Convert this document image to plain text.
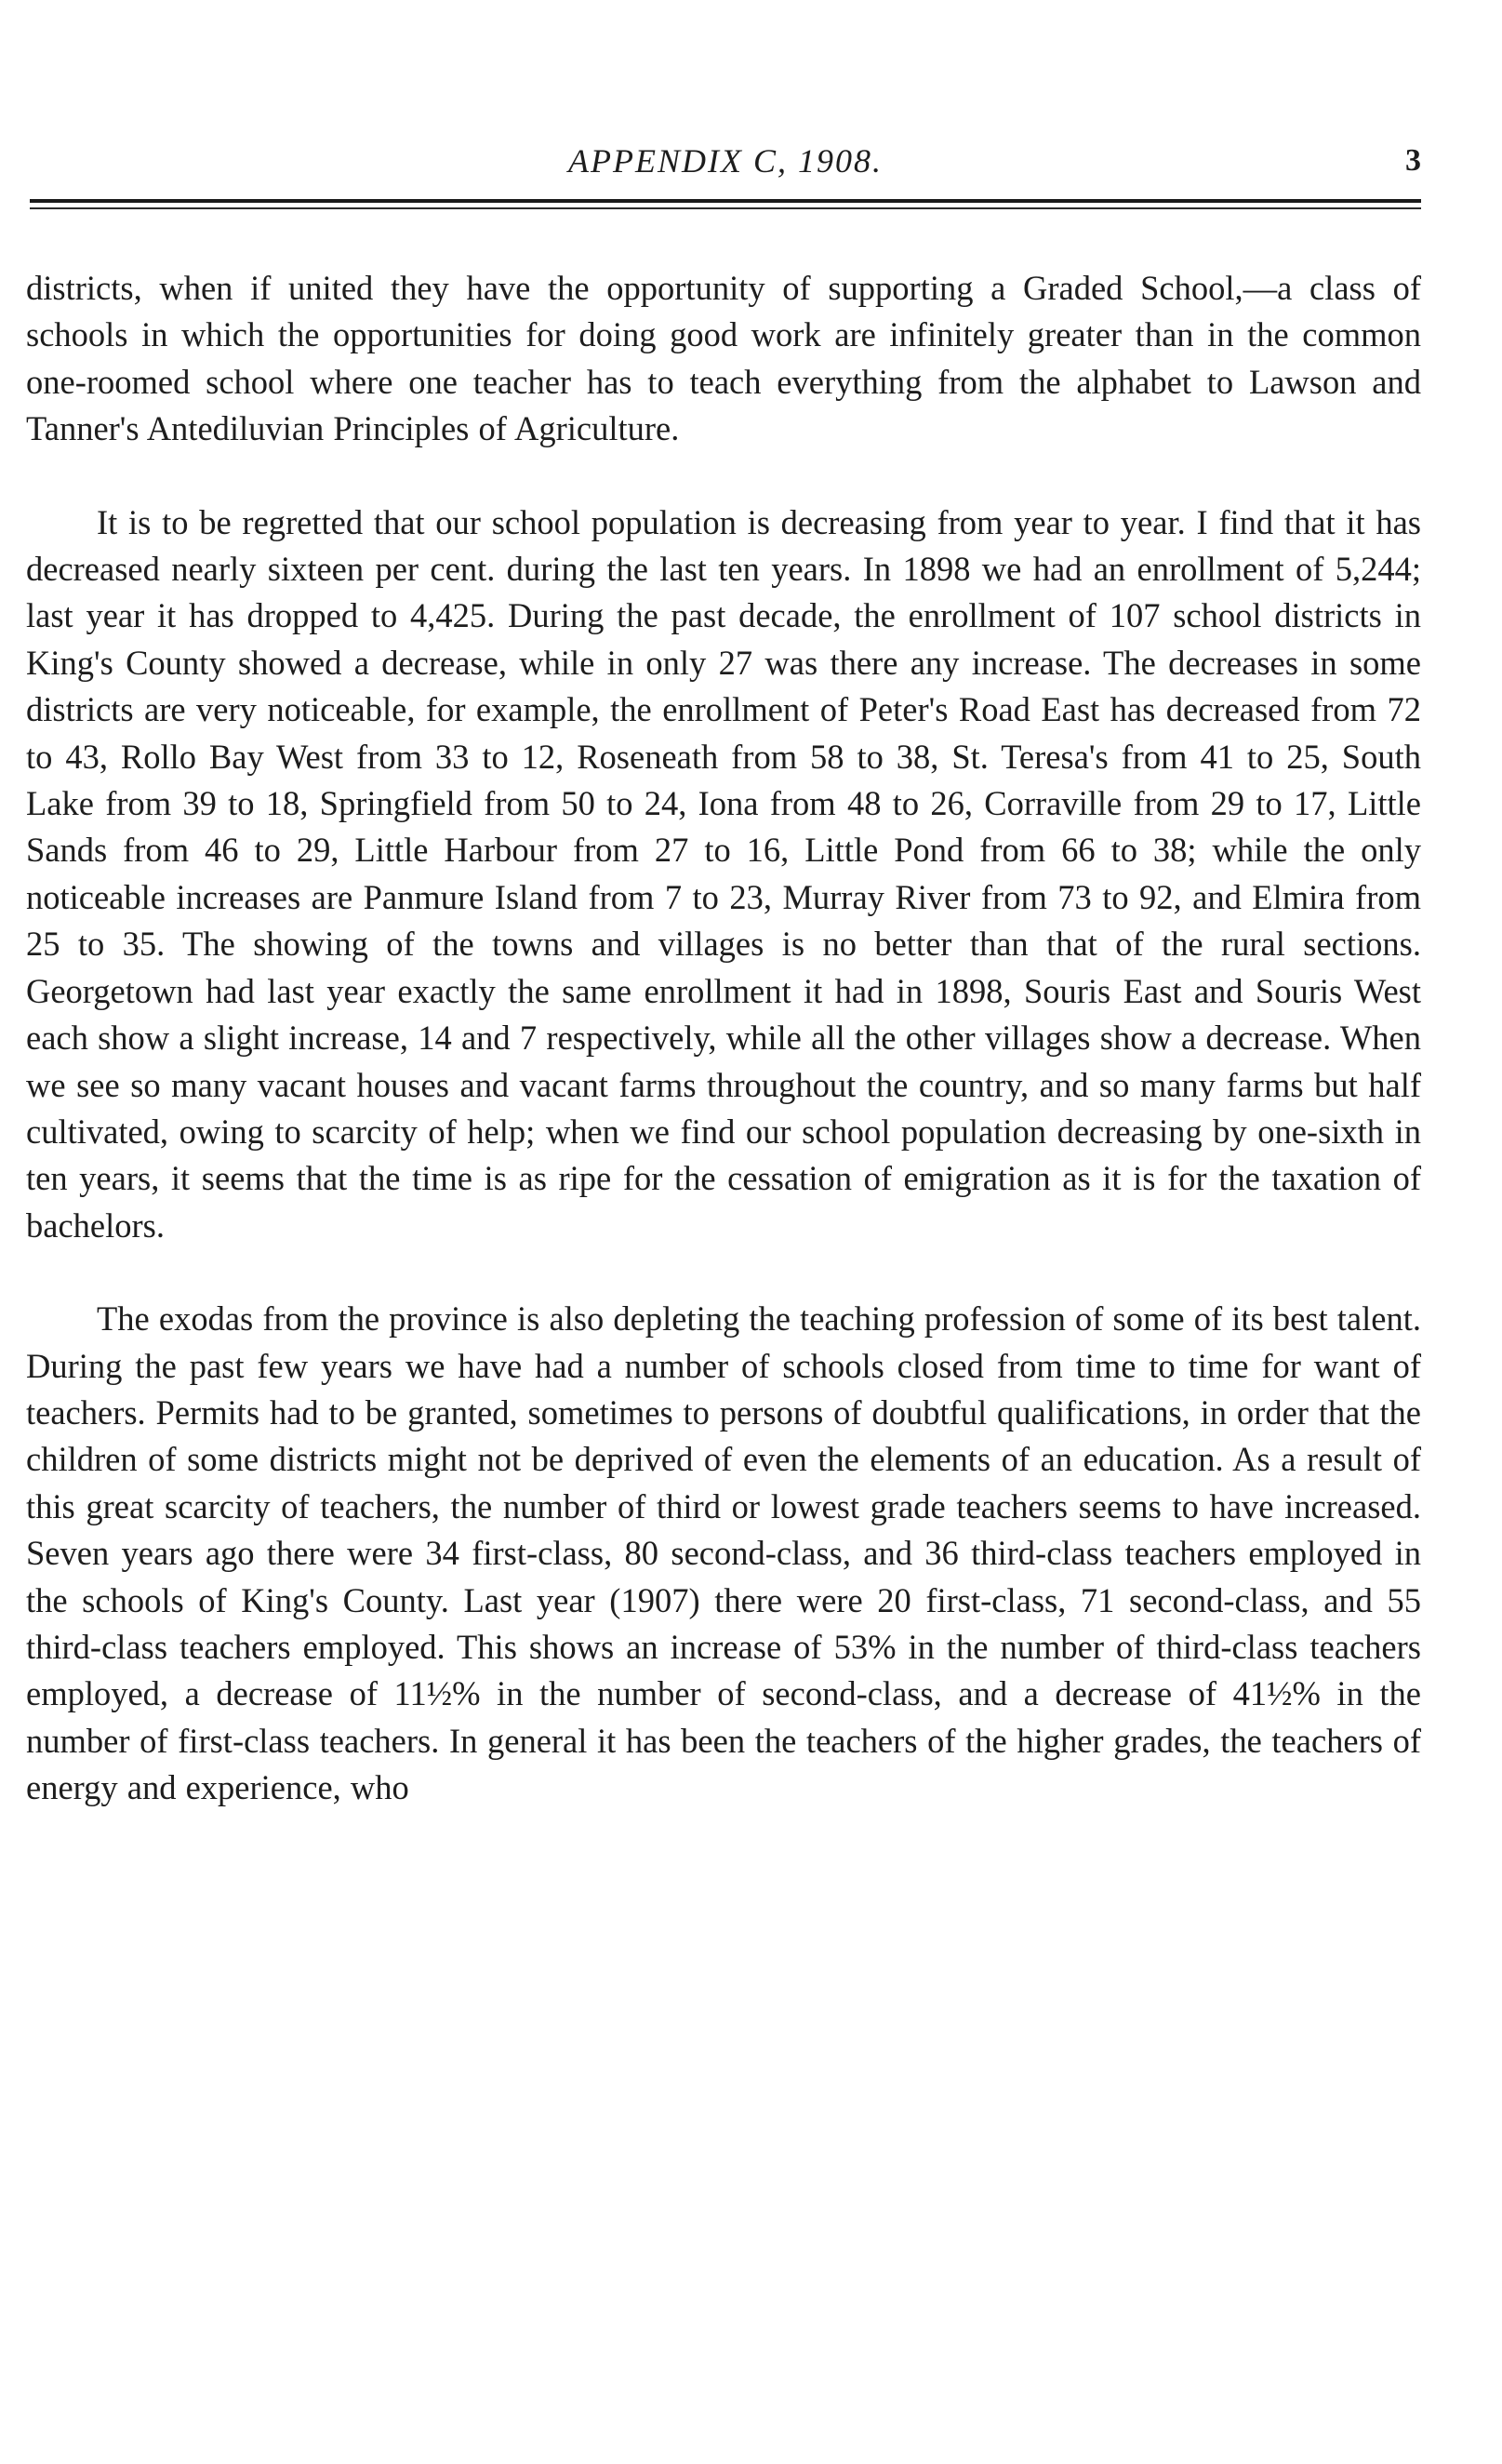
APPENDIX C, 1908.	3

districts, when if united they have the opportunity of supporting a Graded School,—a class of schools in which the opportunities for doing good work are infinitely greater than in the common one-roomed school where one teacher has to teach everything from the alphabet to Lawson and Tanner's Antediluvian Principles of Agriculture.

It is to be regretted that our school population is decreasing from year to year. I find that it has decreased nearly sixteen per cent. during the last ten years. In 1898 we had an enrollment of 5,244; last year it has dropped to 4,425. During the past decade, the enrollment of 107 school districts in King's County showed a decrease, while in only 27 was there any increase. The decreases in some districts are very noticeable, for example, the enrollment of Peter's Road East has decreased from 72 to 43, Rollo Bay West from 33 to 12, Roseneath from 58 to 38, St. Teresa's from 41 to 25, South Lake from 39 to 18, Springfield from 50 to 24, Iona from 48 to 26, Corraville from 29 to 17, Little Sands from 46 to 29, Little Harbour from 27 to 16, Little Pond from 66 to 38; while the only noticeable increases are Panmure Island from 7 to 23, Murray River from 73 to 92, and Elmira from 25 to 35. The showing of the towns and villages is no better than that of the rural sections. Georgetown had last year exactly the same enrollment it had in 1898, Souris East and Souris West each show a slight increase, 14 and 7 respectively, while all the other villages show a decrease. When we see so many vacant houses and vacant farms throughout the country, and so many farms but half cultivated, owing to scarcity of help; when we find our school population decreasing by one-sixth in ten years, it seems that the time is as ripe for the cessation of emigration as it is for the taxation of bachelors.

The exodas from the province is also depleting the teaching profession of some of its best talent. During the past few years we have had a number of schools closed from time to time for want of teachers. Permits had to be granted, sometimes to persons of doubtful qualifications, in order that the children of some districts might not be deprived of even the elements of an education. As a result of this great scarcity of teachers, the number of third or lowest grade teachers seems to have increased. Seven years ago there were 34 first-class, 80 second-class, and 36 third-class teachers employed in the schools of King's County. Last year (1907) there were 20 first-class, 71 second-class, and 55 third-class teachers employed. This shows an increase of 53% in the number of third-class teachers employed, a decrease of 11½% in the number of second-class, and a decrease of 41½% in the number of first-class teachers. In general it has been the teachers of the higher grades, the teachers of energy and experience, who
